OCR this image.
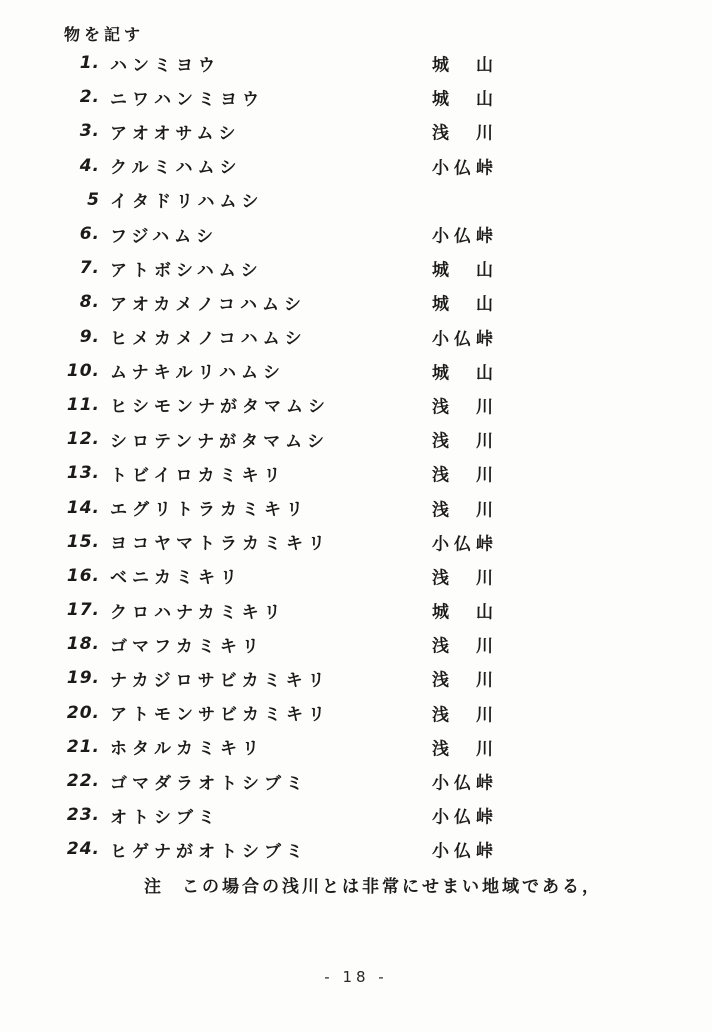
物を記す
1. ハンミヨウ	城　山
2. ニワハンミヨウ	城　山
3. アオオサムシ	浅　川
4. クルミハムシ	小仏峠
5 イタドリハムシ
6. フジハムシ	小仏峠
7. アトボシハムシ	城　山
8. アオカメノコハムシ	城　山
9. ヒメカメノコハムシ	小仏峠
10. ムナキルリハムシ	城　山
11. ヒシモンナがタマムシ	浅　川
12. シロテンナがタマムシ	浅　川
13. トビイロカミキリ	浅　川
14. エグリトラカミキリ	浅　川
15. ヨコヤマトラカミキリ	小仏峠
16. ベニカミキリ	浅　川
17. クロハナカミキリ	城　山
18. ゴマフカミキリ	浅　川
19. ナカジロサビカミキリ	浅　川
20. アトモンサビカミキリ	浅　川
21. ホタルカミキリ	浅　川
22. ゴマダラオトシブミ	小仏峠
23. オトシブミ	小仏峠
24. ヒゲナがオトシブミ	小仏峠
注 この場合の浅川とは非常にせまい地域である，
- 18 -
